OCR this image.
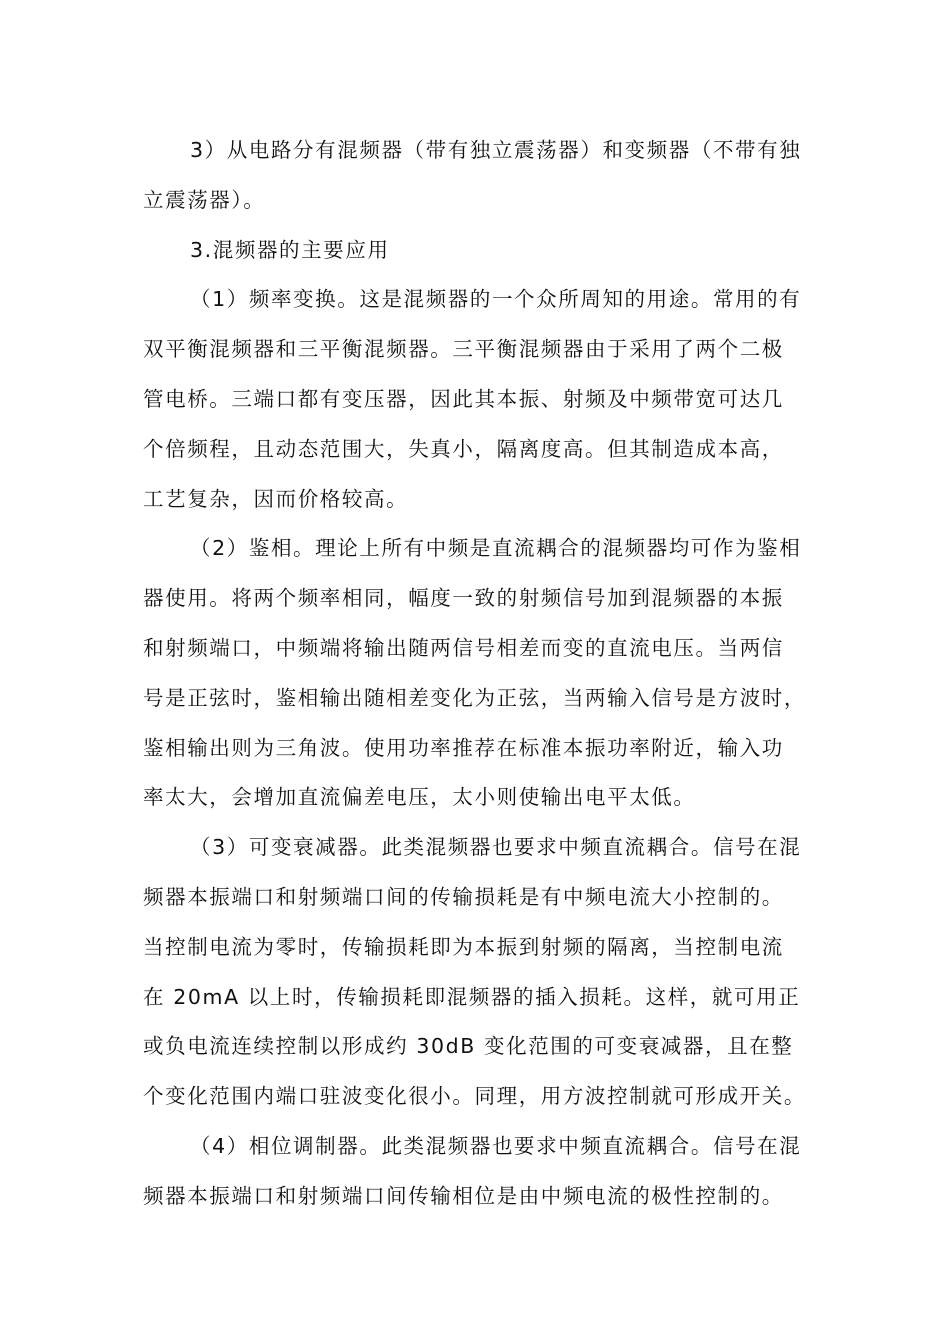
3）从电路分有混频器（带有独立震荡器）和变频器（不带有独
立震荡器）。
3.混频器的主要应用
（1）频率变换。这是混频器的一个众所周知的用途。常用的有
双平衡混频器和三平衡混频器。三平衡混频器由于采用了两个二极
管电桥。三端口都有变压器，因此其本振、射频及中频带宽可达几
个倍频程，且动态范围大，失真小，隔离度高。但其制造成本高，
工艺复杂，因而价格较高。
（2）鉴相。理论上所有中频是直流耦合的混频器均可作为鉴相
器使用。将两个频率相同，幅度一致的射频信号加到混频器的本振
和射频端口，中频端将输出随两信号相差而变的直流电压。当两信
号是正弦时，鉴相输出随相差变化为正弦，当两输入信号是方波时，
鉴相输出则为三角波。使用功率推荐在标准本振功率附近，输入功
率太大，会增加直流偏差电压，太小则使输出电平太低。
（3）可变衰减器。此类混频器也要求中频直流耦合。信号在混
频器本振端口和射频端口间的传输损耗是有中频电流大小控制的。
当控制电流为零时，传输损耗即为本振到射频的隔离，当控制电流
在 20mA 以上时，传输损耗即混频器的插入损耗。这样，就可用正
或负电流连续控制以形成约 30dB 变化范围的可变衰减器，且在整
个变化范围内端口驻波变化很小。同理，用方波控制就可形成开关。
（4）相位调制器。此类混频器也要求中频直流耦合。信号在混
频器本振端口和射频端口间传输相位是由中频电流的极性控制的。
